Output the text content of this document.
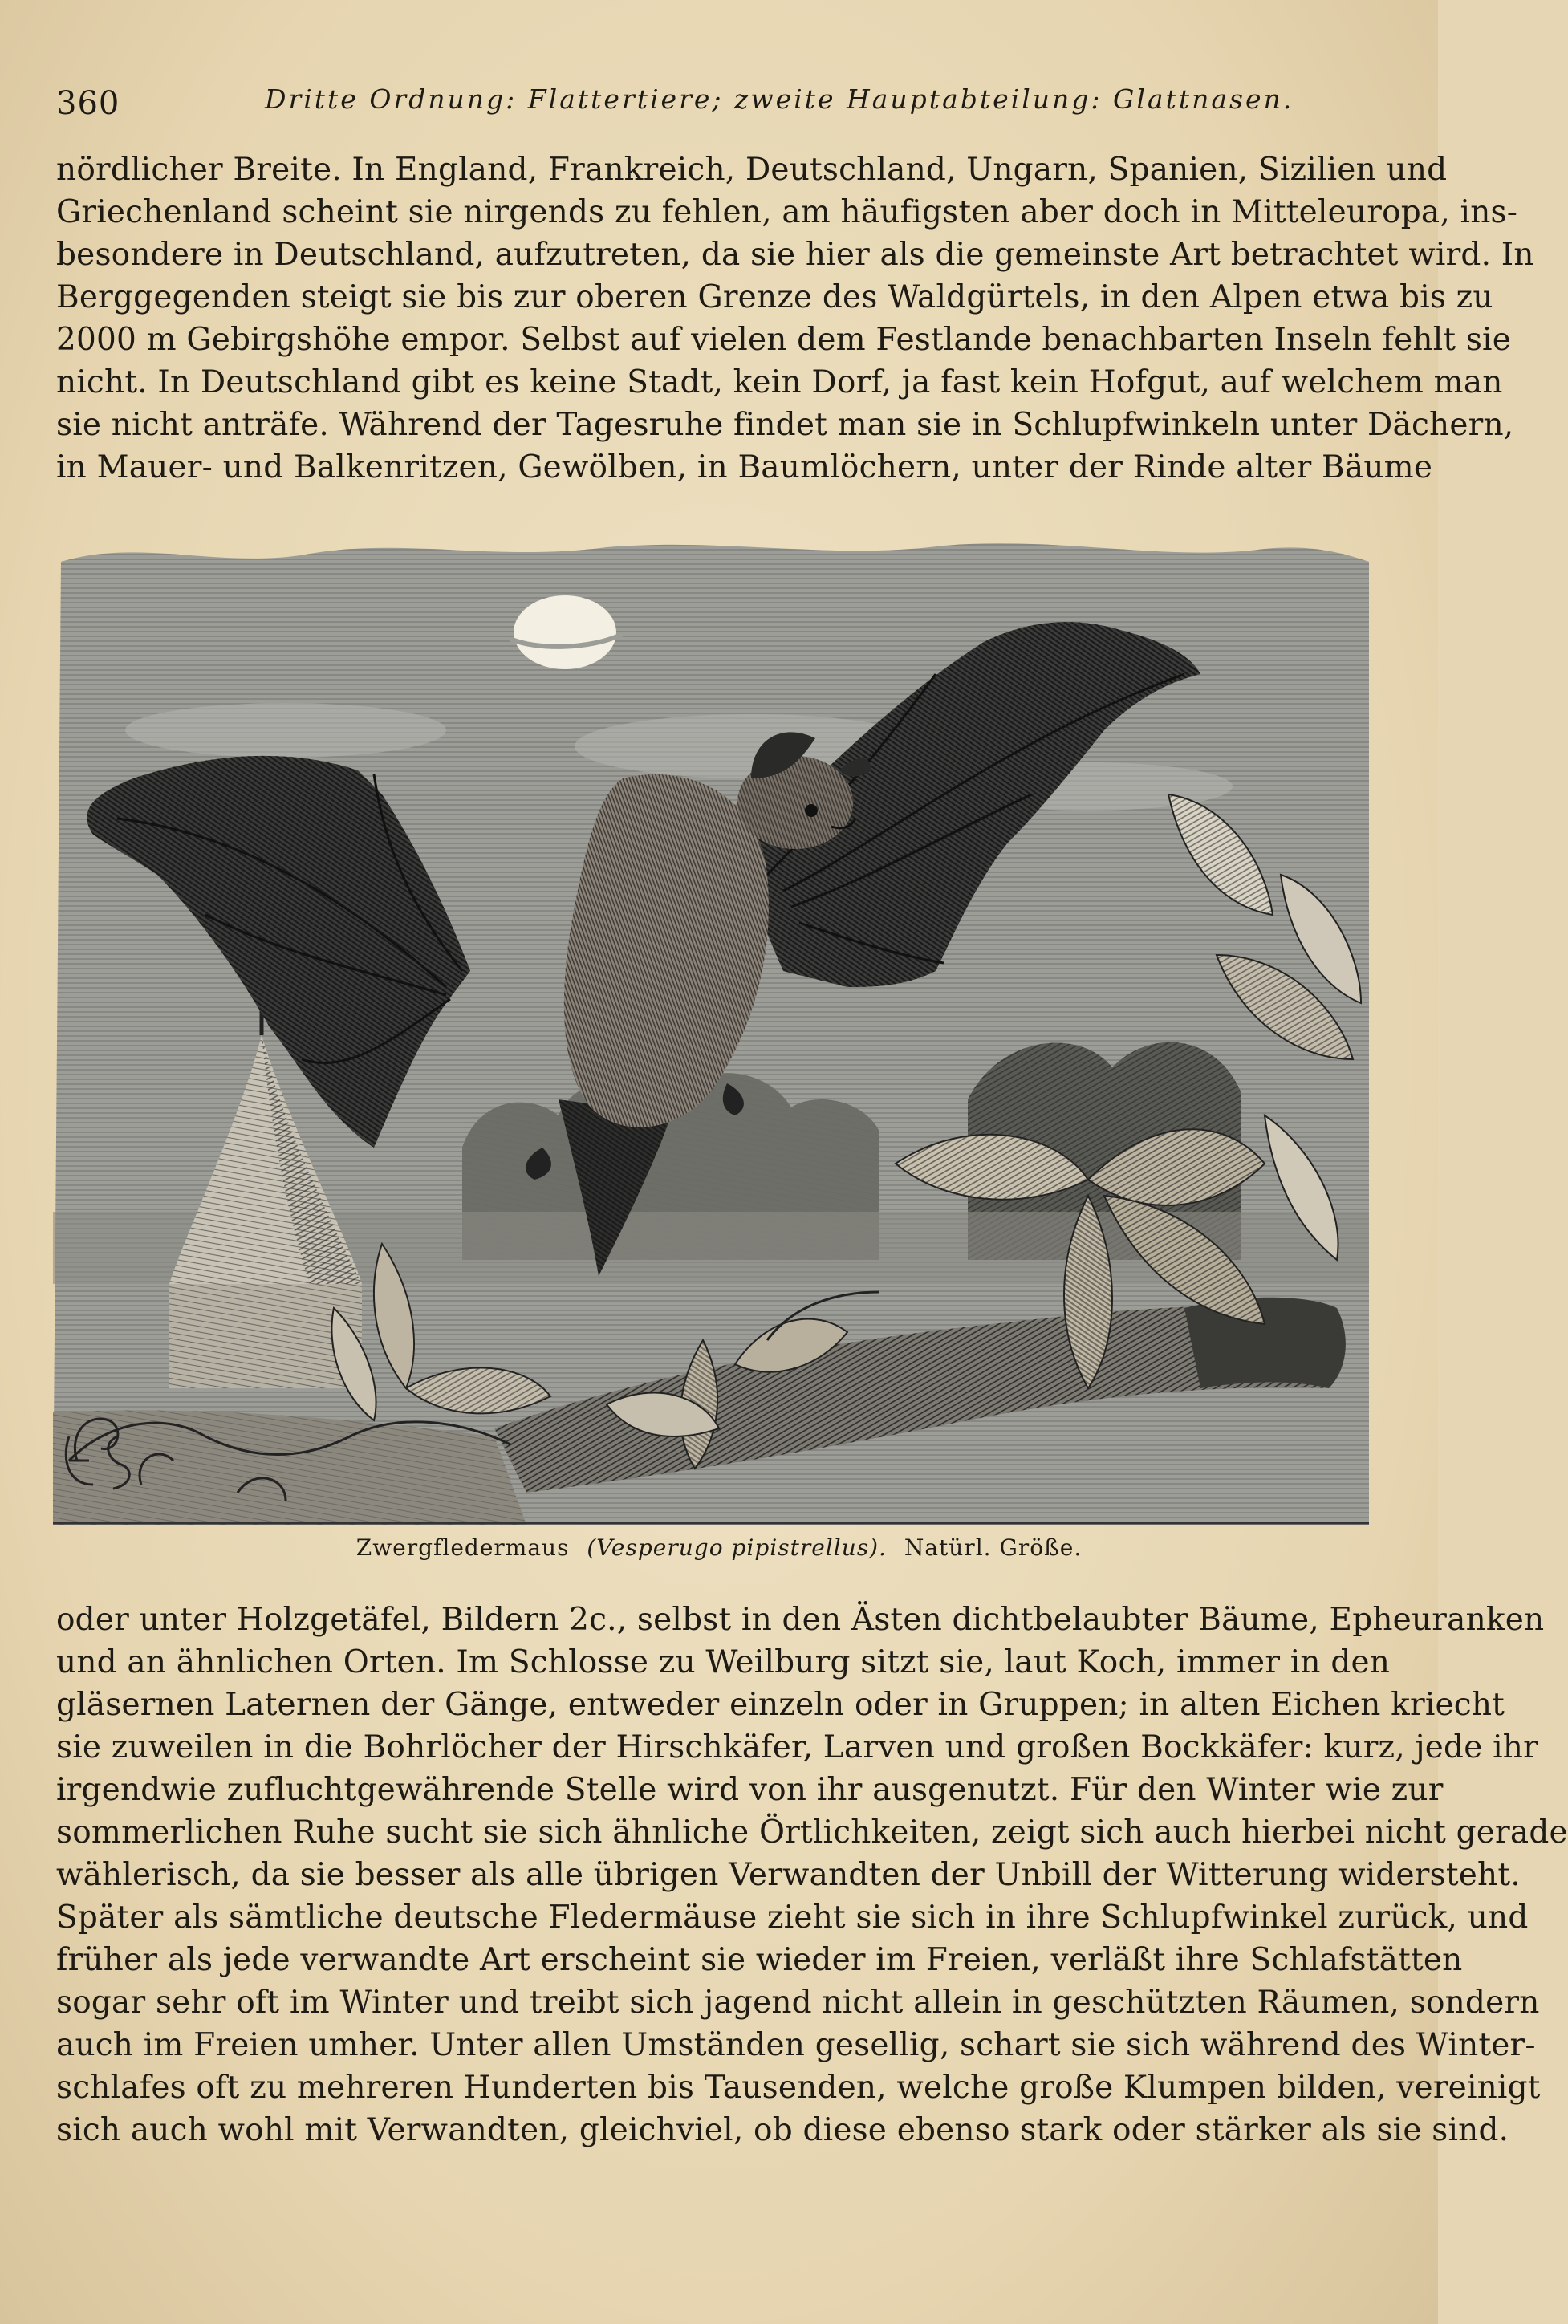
360	Dritte Ordnung: Flattertiere; zweite Hauptabteilung: Glattnasen.
nördlicher Breite. In England, Frankreich, Deutschland, Ungarn, Spanien, Sizilien und
Griechenland scheint sie nirgends zu fehlen, am häufigsten aber doch in Mitteleuropa, ins-
besondere in Deutschland, aufzutreten, da sie hier als die gemeinste Art betrachtet wird. In
Berggegenden steigt sie bis zur oberen Grenze des Waldgürtels, in den Alpen etwa bis zu
2000 m Gebirgshöhe empor. Selbst auf vielen dem Festlande benachbarten Inseln fehlt sie
nicht. In Deutschland gibt es keine Stadt, kein Dorf, ja fast kein Hofgut, auf welchem man
sie nicht anträfe. Während der Tagesruhe findet man sie in Schlupfwinkeln unter Dächern,
in Mauer- und Balkenritzen, Gewölben, in Baumlöchern, unter der Rinde alter Bäume
Zwergfledermaus (Vesperugo pipistrellus). Natürl. Größe.
oder unter Holzgetäfel, Bildern 2c., selbst in den Ästen dichtbelaubter Bäume, Epheuranken
und an ähnlichen Orten. Im Schlosse zu Weilburg sitzt sie, laut Koch, immer in den
gläsernen Laternen der Gänge, entweder einzeln oder in Gruppen; in alten Eichen kriecht
sie zuweilen in die Bohrlöcher der Hirschkäfer, Larven und großen Bockkäfer: kurz, jede ihr
irgendwie zufluchtgewährende Stelle wird von ihr ausgenutzt. Für den Winter wie zur
sommerlichen Ruhe sucht sie sich ähnliche Örtlichkeiten, zeigt sich auch hierbei nicht gerade
wählerisch, da sie besser als alle übrigen Verwandten der Unbill der Witterung widersteht.
Später als sämtliche deutsche Fledermäuse zieht sie sich in ihre Schlupfwinkel zurück, und
früher als jede verwandte Art erscheint sie wieder im Freien, verläßt ihre Schlafstätten
sogar sehr oft im Winter und treibt sich jagend nicht allein in geschützten Räumen, sondern
auch im Freien umher. Unter allen Umständen gesellig, schart sie sich während des Winter-
schlafes oft zu mehreren Hunderten bis Tausenden, welche große Klumpen bilden, vereinigt
sich auch wohl mit Verwandten, gleichviel, ob diese ebenso stark oder stärker als sie sind.
